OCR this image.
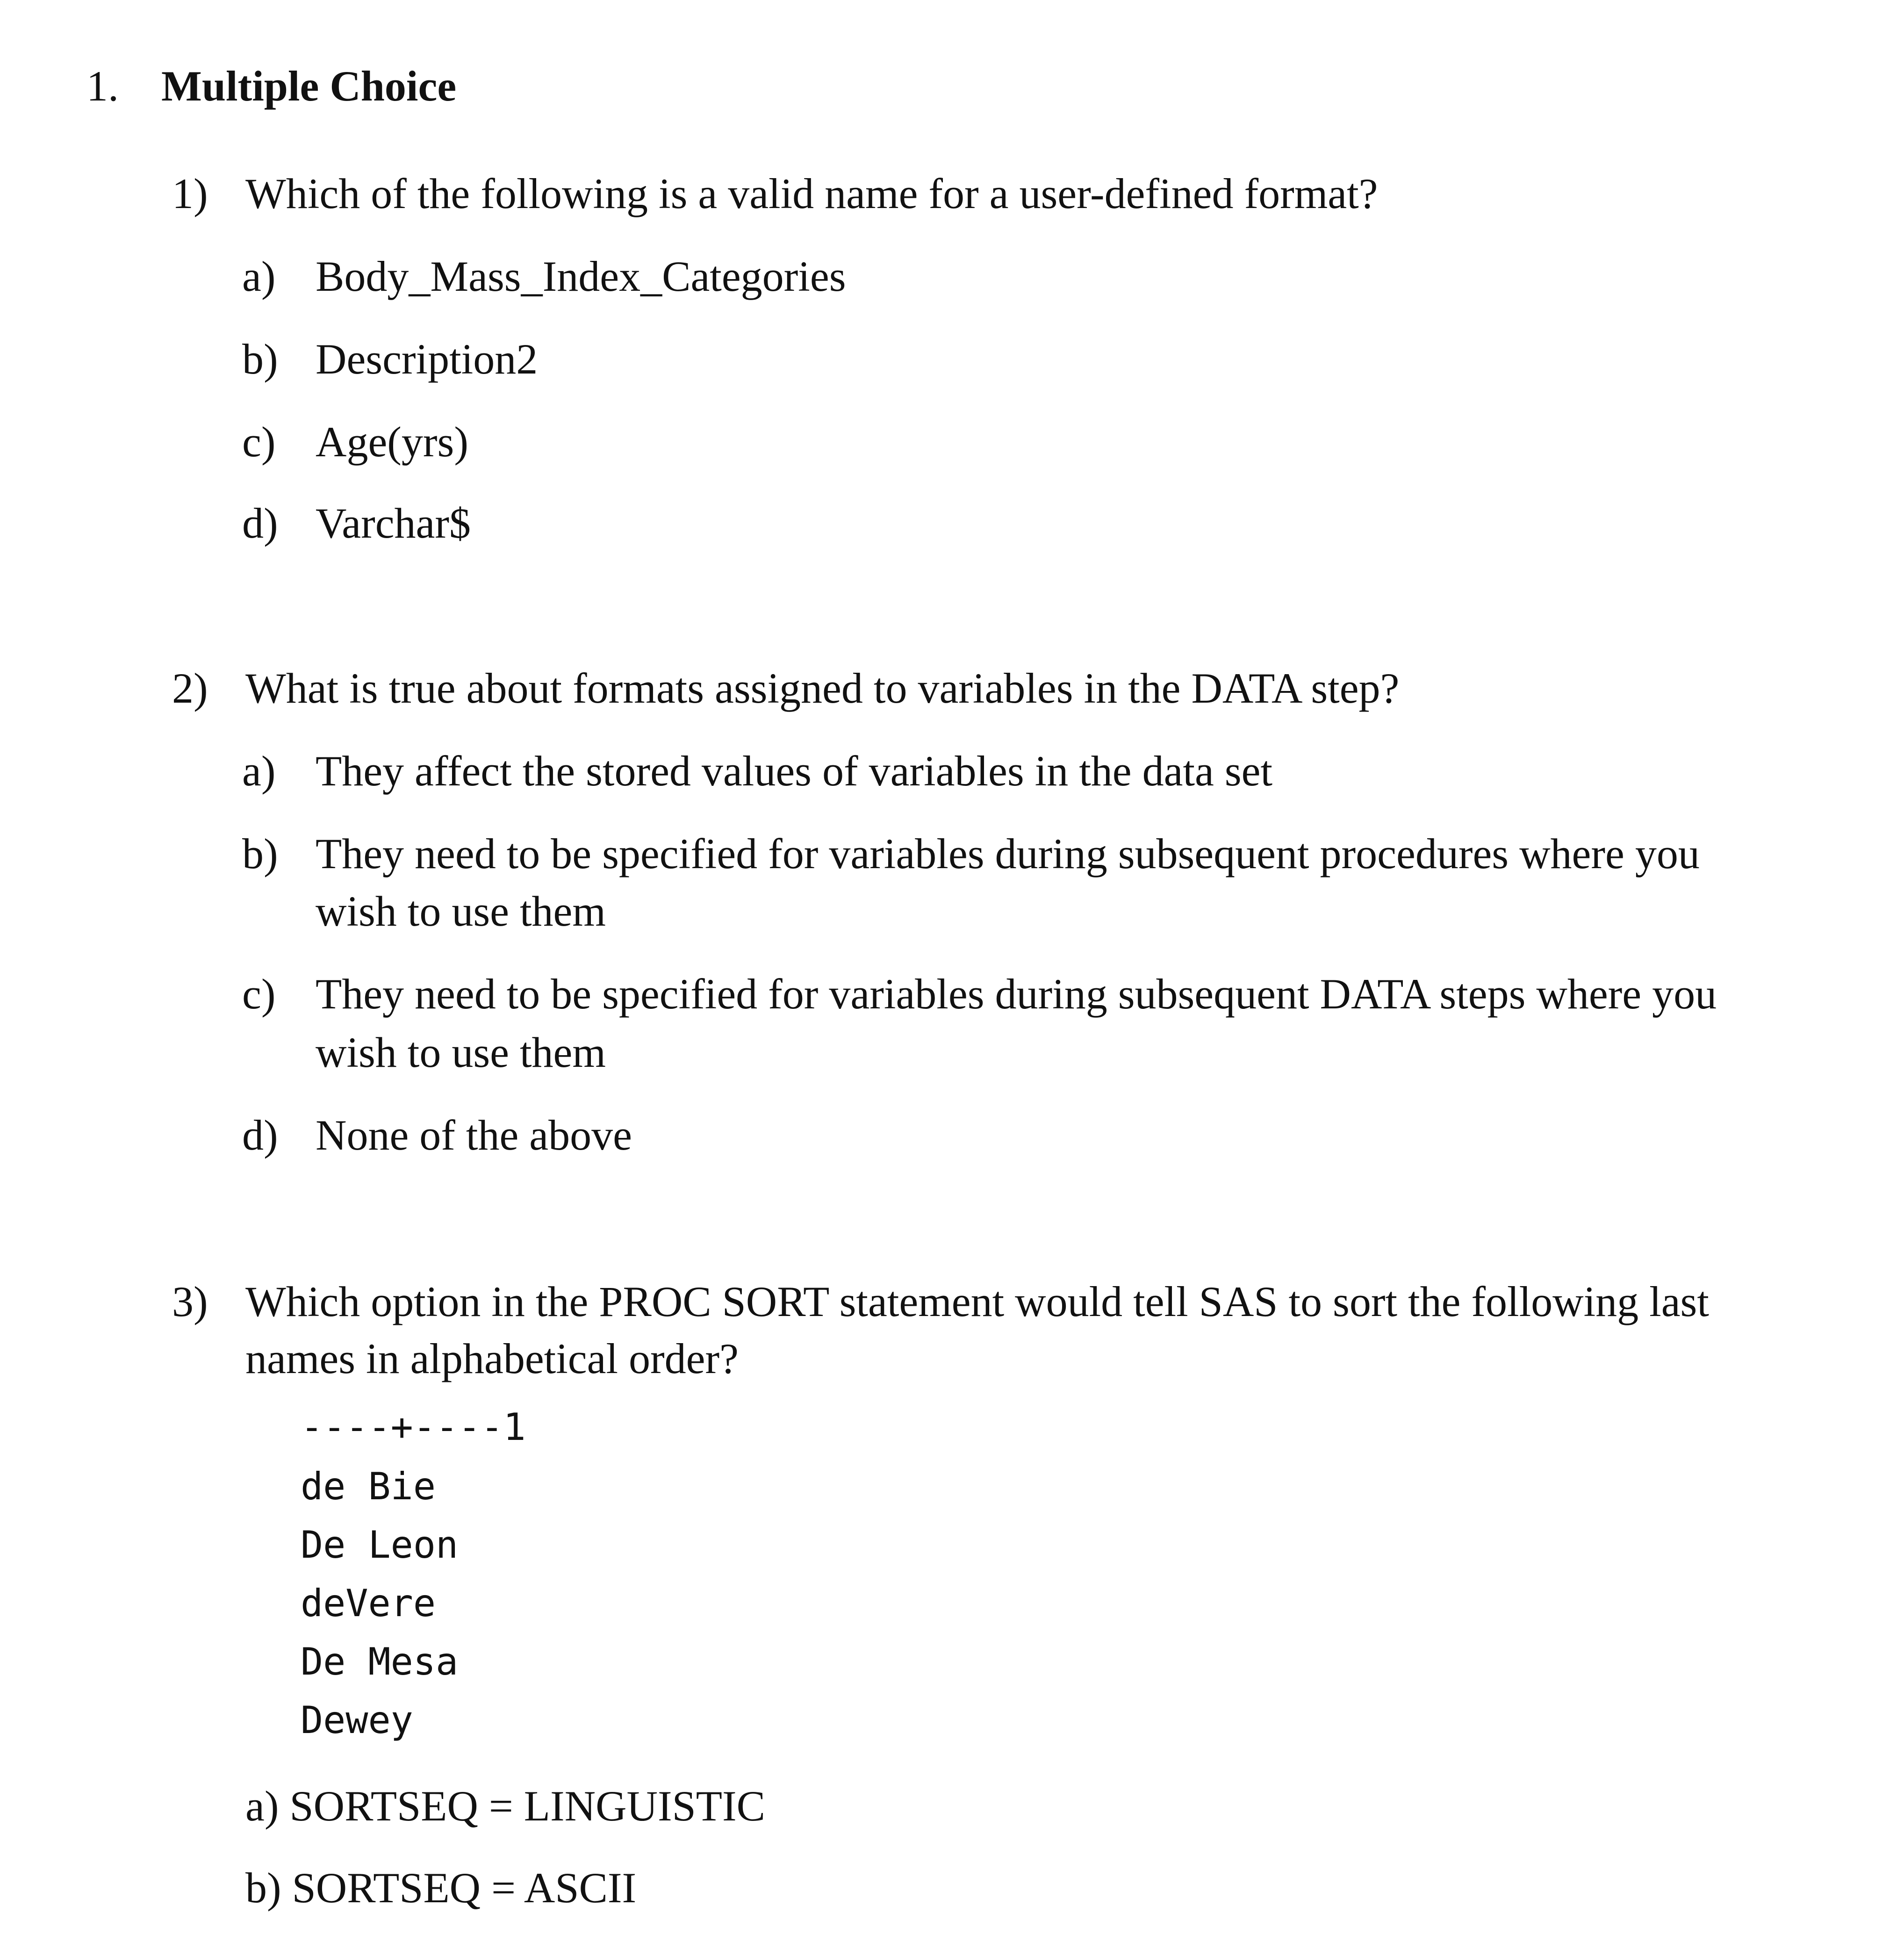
1. Multiple Choice
1) Which of the following is a valid name for a user-defined format?
a) Body_Mass_Index_Categories
b) Description2
c) Age(yrs)
d) Varchar$
2) What is true about formats assigned to variables in the DATA step?
a) They affect the stored values of variables in the data set
b) They need to be specified for variables during subsequent procedures where you
wish to use them
c) They need to be specified for variables during subsequent DATA steps where you
wish to use them
d) None of the above
3) Which option in the PROC SORT statement would tell SAS to sort the following last
names in alphabetical order?
----+----1
de Bie
De Leon
deVere
De Mesa
Dewey
a) SORTSEQ = LINGUISTIC
b) SORTSEQ = ASCII
